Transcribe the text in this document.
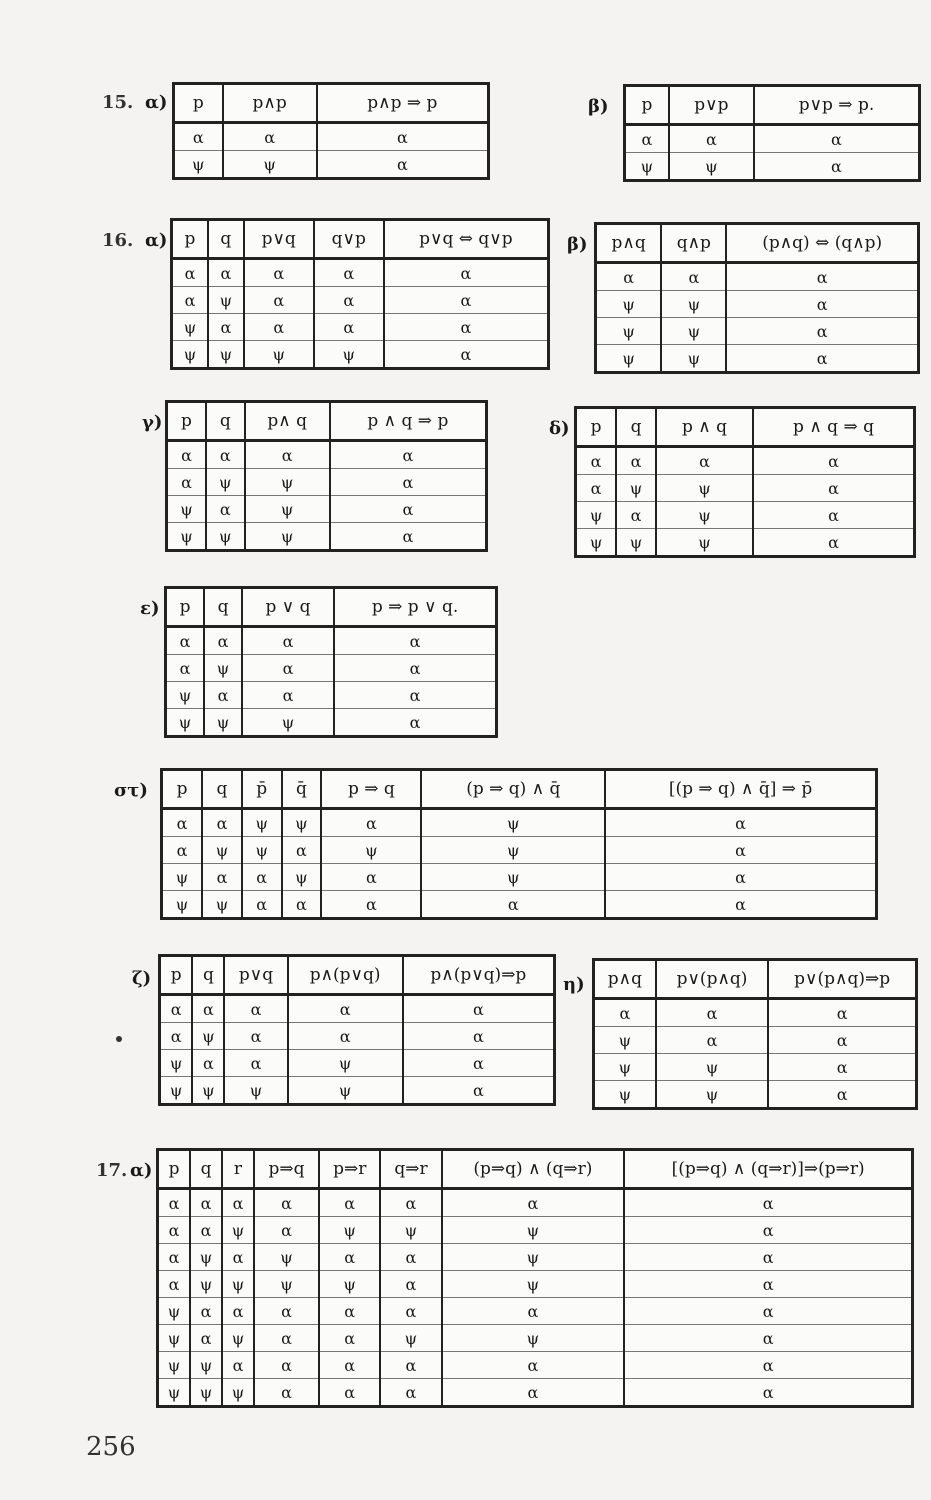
15.
16.
17.
α)	β)
α)	β)
γ)	δ)
ε)
στ)
ζ)	η)
α)
p	p∧p	p∧p ⇒ p
α	α	α
ψ	ψ	α
p	p∨p	p∨p ⇒ p.
α	α	α
ψ	ψ	α
p	q	p∨q	q∨p	p∨q ⇔ q∨p
α	α	α	α	α
α	ψ	α	α	α
ψ	α	α	α	α
ψ	ψ	ψ	ψ	α
p∧q	q∧p	(p∧q) ⇔ (q∧p)
α	α	α
ψ	ψ	α
ψ	ψ	α
ψ	ψ	α
p	q	p∧ q	p ∧ q ⇒ p
α	α	α	α
α	ψ	ψ	α
ψ	α	ψ	α
ψ	ψ	ψ	α
p	q	p ∧ q	p ∧ q ⇒ q
α	α	α	α
α	ψ	ψ	α
ψ	α	ψ	α
ψ	ψ	ψ	α
p	q	p ∨ q	p ⇒ p ∨ q.
α	α	α	α
α	ψ	α	α
ψ	α	α	α
ψ	ψ	ψ	α
p	q	p̄	q̄	p ⇒ q	(p ⇒ q) ∧ q̄	[(p ⇒ q) ∧ q̄] ⇒ p̄
α	α	ψ	ψ	α	ψ	α
α	ψ	ψ	α	ψ	ψ	α
ψ	α	α	ψ	α	ψ	α
ψ	ψ	α	α	α	α	α
p	q	p∨q	p∧(p∨q)	p∧(p∨q)⇒p
α	α	α	α	α
α	ψ	α	α	α
ψ	α	α	ψ	α
ψ	ψ	ψ	ψ	α
p∧q	p∨(p∧q)	p∨(p∧q)⇒p
α	α	α
ψ	α	α
ψ	ψ	α
ψ	ψ	α
p	q	r	p⇒q	p⇒r	q⇒r	(p⇒q) ∧ (q⇒r)	[(p⇒q) ∧ (q⇒r)]⇒(p⇒r)
α	α	α	α	α	α	α	α
α	α	ψ	α	ψ	ψ	ψ	α
α	ψ	α	ψ	α	α	ψ	α
α	ψ	ψ	ψ	ψ	α	ψ	α
ψ	α	α	α	α	α	α	α
ψ	α	ψ	α	α	ψ	ψ	α
ψ	ψ	α	α	α	α	α	α
ψ	ψ	ψ	α	α	α	α	α
256
